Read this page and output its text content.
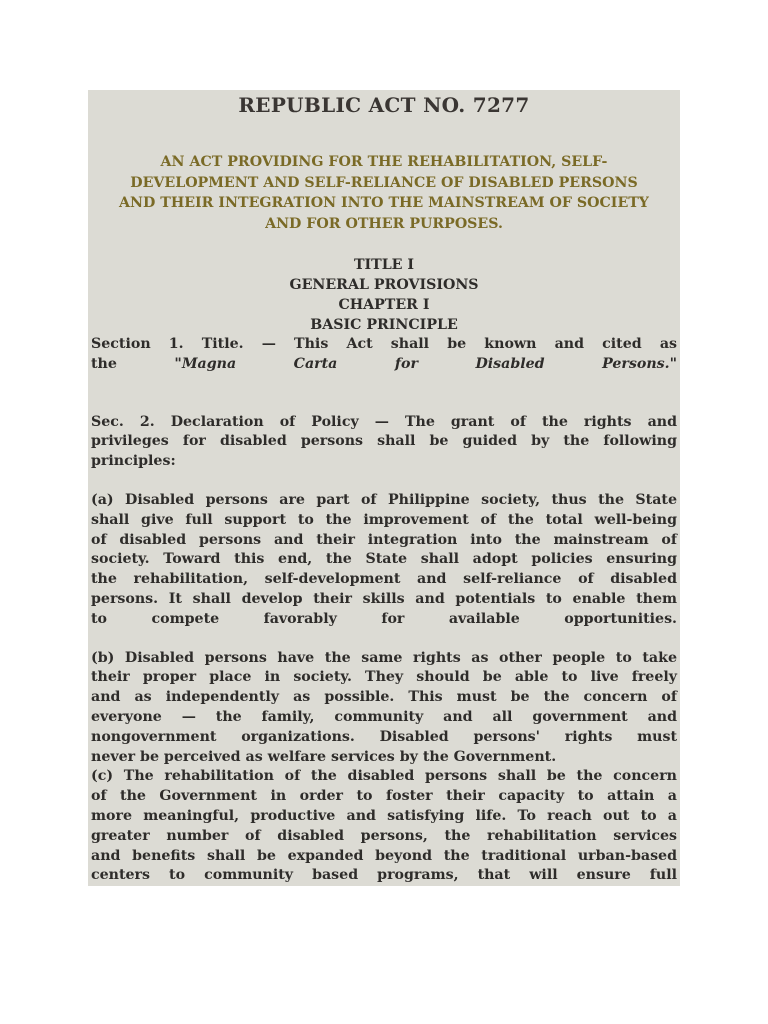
REPUBLIC ACT NO. 7277
AN ACT PROVIDING FOR THE REHABILITATION, SELF-
DEVELOPMENT AND SELF-RELIANCE OF DISABLED PERSONS
AND THEIR INTEGRATION INTO THE MAINSTREAM OF SOCIETY
AND FOR OTHER PURPOSES.
TITLE I
GENERAL PROVISIONS
CHAPTER I
BASIC PRINCIPLE

Section 1. Title. — This Act shall be known and cited as

the "Magna Carta for Disabled Persons."

Sec. 2. Declaration of Policy — The grant of the rights and

privileges for disabled persons shall be guided by the following

principles:

(a) Disabled persons are part of Philippine society, thus the State

shall give full support to the improvement of the total well-being

of disabled persons and their integration into the mainstream of

society. Toward this end, the State shall adopt policies ensuring

the rehabilitation, self-development and self-reliance of disabled

persons. It shall develop their skills and potentials to enable them

to compete favorably for available opportunities.

(b) Disabled persons have the same rights as other people to take

their proper place in society. They should be able to live freely

and as independently as possible. This must be the concern of

everyone — the family, community and all government and

nongovernment organizations. Disabled persons' rights must

never be perceived as welfare services by the Government.

(c) The rehabilitation of the disabled persons shall be the concern

of the Government in order to foster their capacity to attain a

more meaningful, productive and satisfying life. To reach out to a

greater number of disabled persons, the rehabilitation services

and benefits shall be expanded beyond the traditional urban-based

centers to community based programs, that will ensure full
